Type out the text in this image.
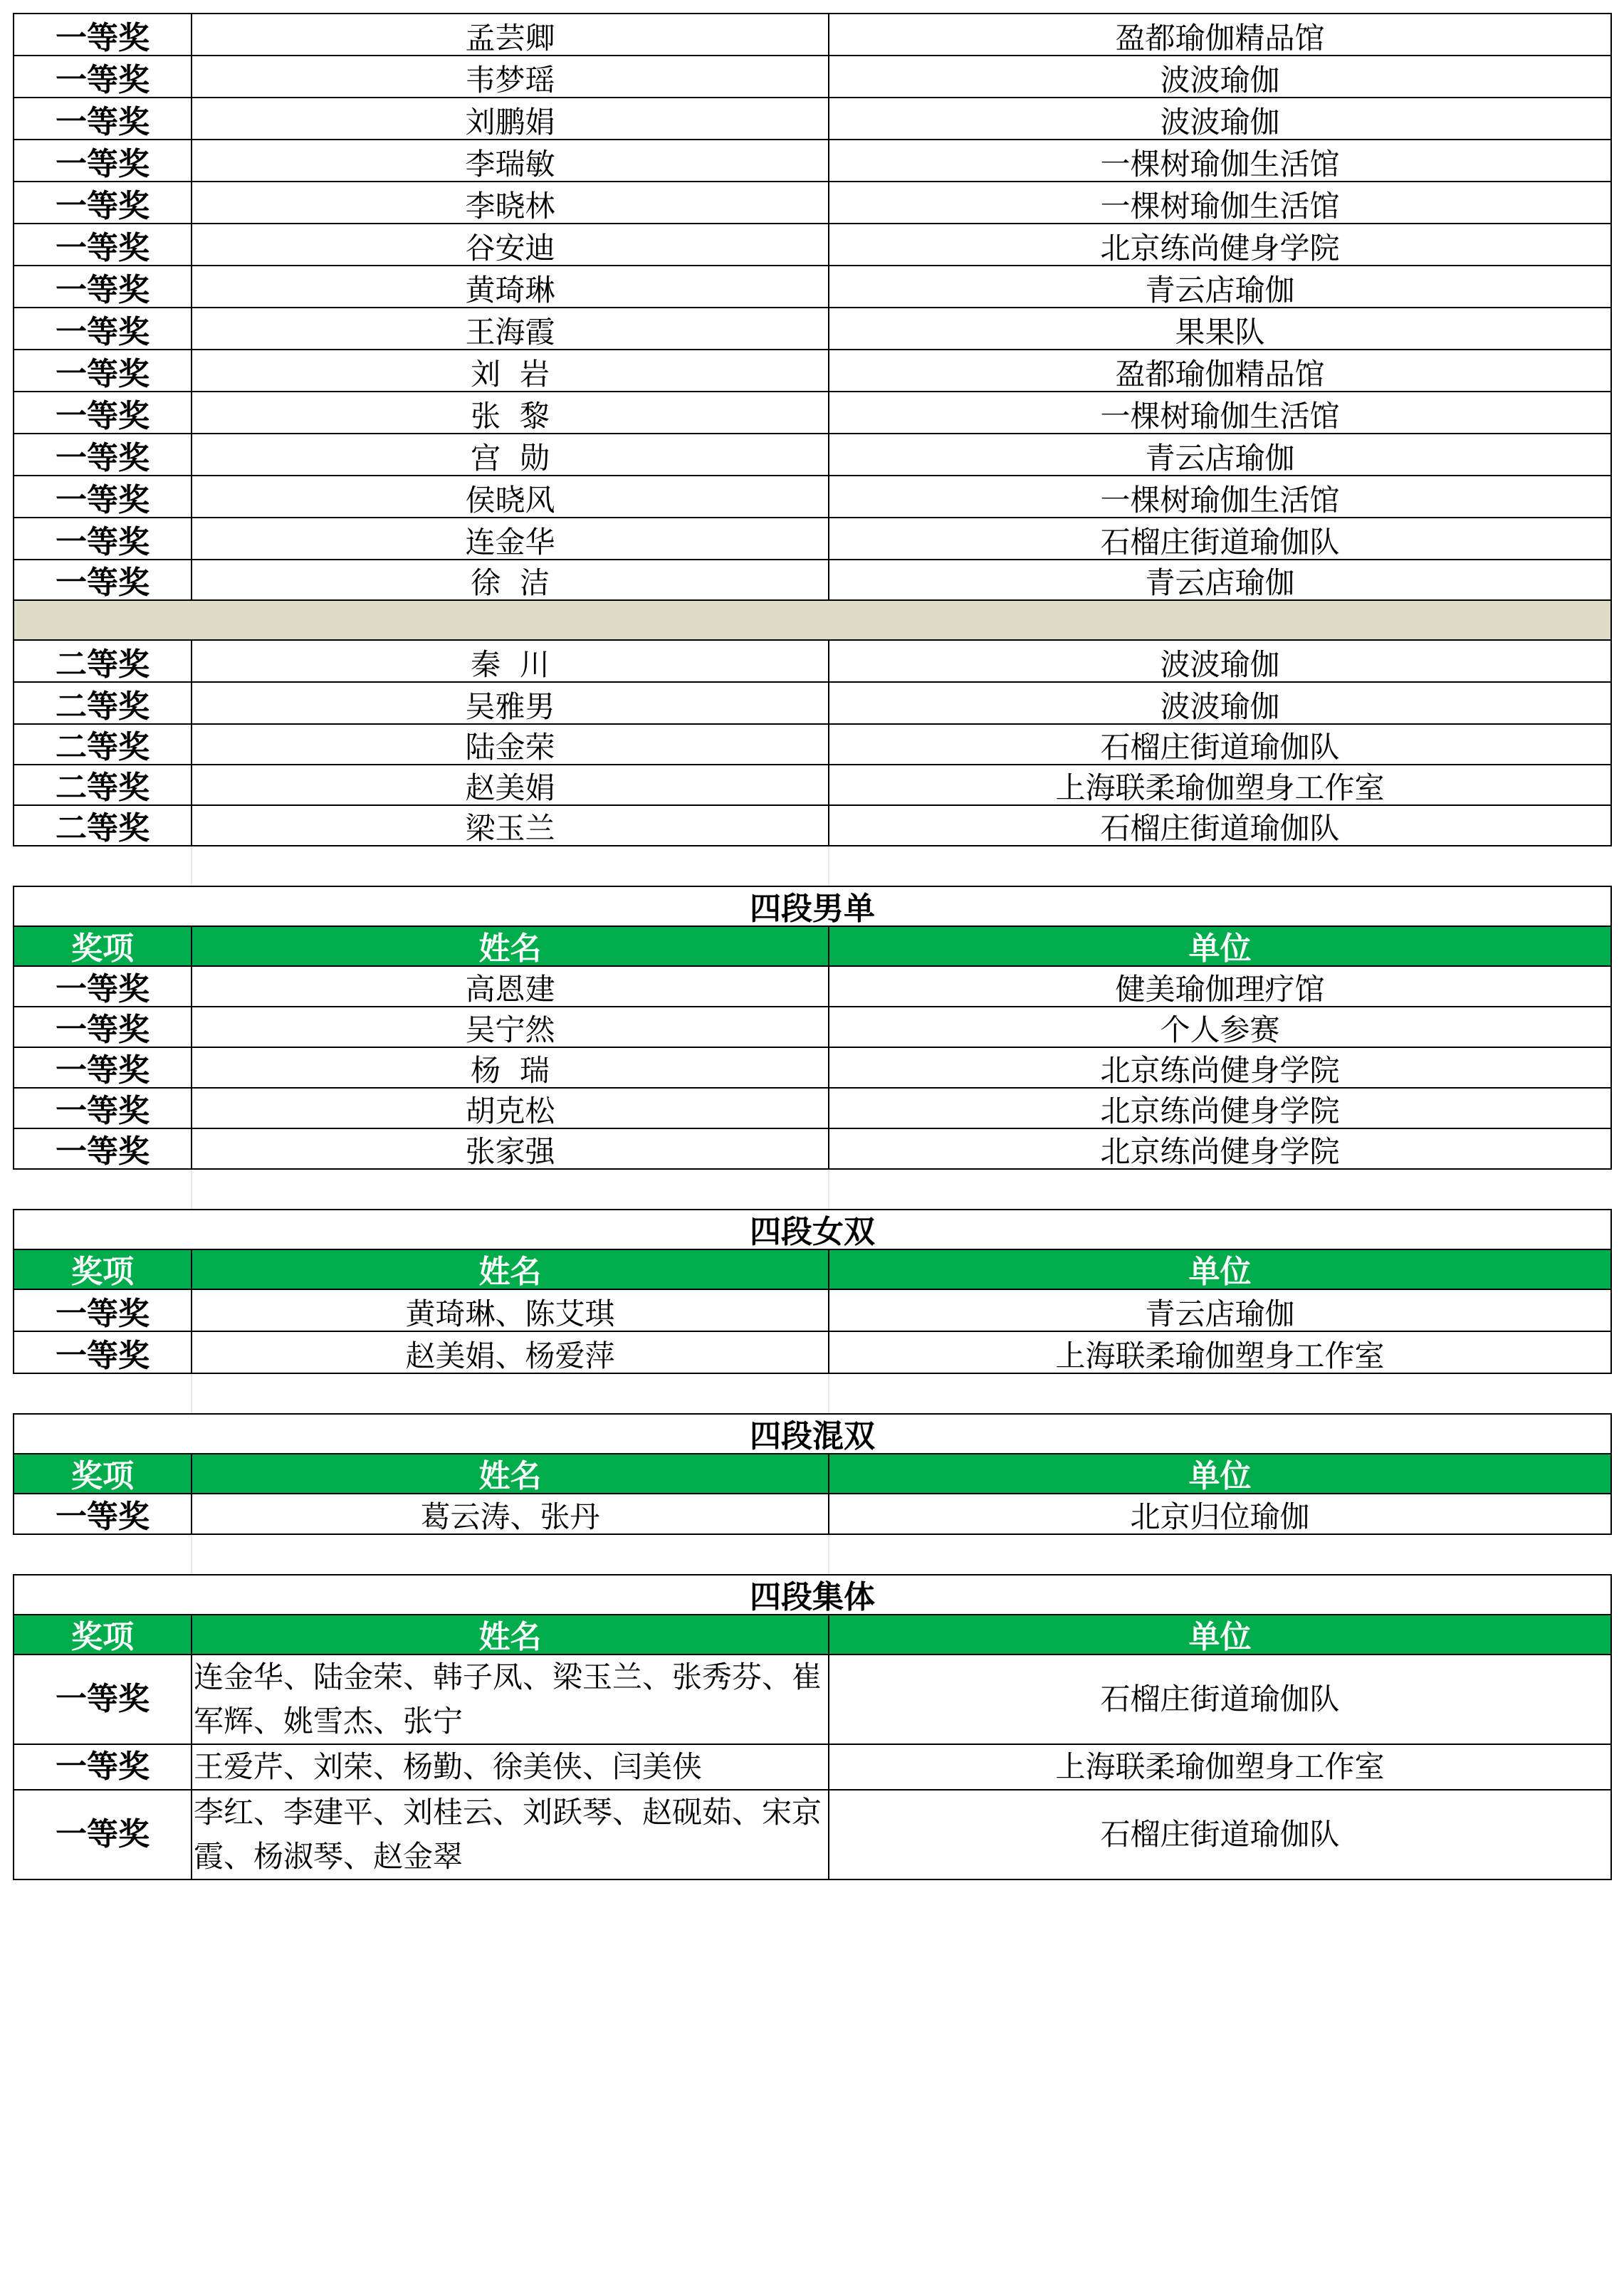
一等奖	孟芸卿	盈都瑜伽精品馆
一等奖	韦梦瑶	波波瑜伽
一等奖	刘鹏娟	波波瑜伽
一等奖	李瑞敏	一棵树瑜伽生活馆
一等奖	李晓林	一棵树瑜伽生活馆
一等奖	谷安迪	北京练尚健身学院
一等奖	黄琦琳	青云店瑜伽
一等奖	王海霞	果果队
一等奖	刘  岩	盈都瑜伽精品馆
一等奖	张  黎	一棵树瑜伽生活馆
一等奖	宫  勋	青云店瑜伽
一等奖	侯晓风	一棵树瑜伽生活馆
一等奖	连金华	石榴庄街道瑜伽队
一等奖	徐  洁	青云店瑜伽

二等奖	秦  川	波波瑜伽
二等奖	吴雅男	波波瑜伽
二等奖	陆金荣	石榴庄街道瑜伽队
二等奖	赵美娟	上海联柔瑜伽塑身工作室
二等奖	梁玉兰	石榴庄街道瑜伽队
四段男单		
奖项	姓名	单位
一等奖	高恩建	健美瑜伽理疗馆
一等奖	吴宁然	个人参赛
一等奖	杨  瑞	北京练尚健身学院
一等奖	胡克松	北京练尚健身学院
一等奖	张家强	北京练尚健身学院
四段女双		
奖项	姓名	单位
一等奖	黄琦琳、陈艾琪	青云店瑜伽
一等奖	赵美娟、杨爱萍	上海联柔瑜伽塑身工作室
四段混双		
奖项	姓名	单位
一等奖	葛云涛、张丹	北京归位瑜伽
四段集体		
奖项	姓名	单位
一等奖	连金华、陆金荣、韩子凤、梁玉兰、张秀芬、崔军辉、姚雪杰、张宁	石榴庄街道瑜伽队
一等奖	王爱芹、刘荣、杨勤、徐美侠、闫美侠	上海联柔瑜伽塑身工作室
一等奖	李红、李建平、刘桂云、刘跃琴、赵砚茹、宋京霞、杨淑琴、赵金翠	石榴庄街道瑜伽队
